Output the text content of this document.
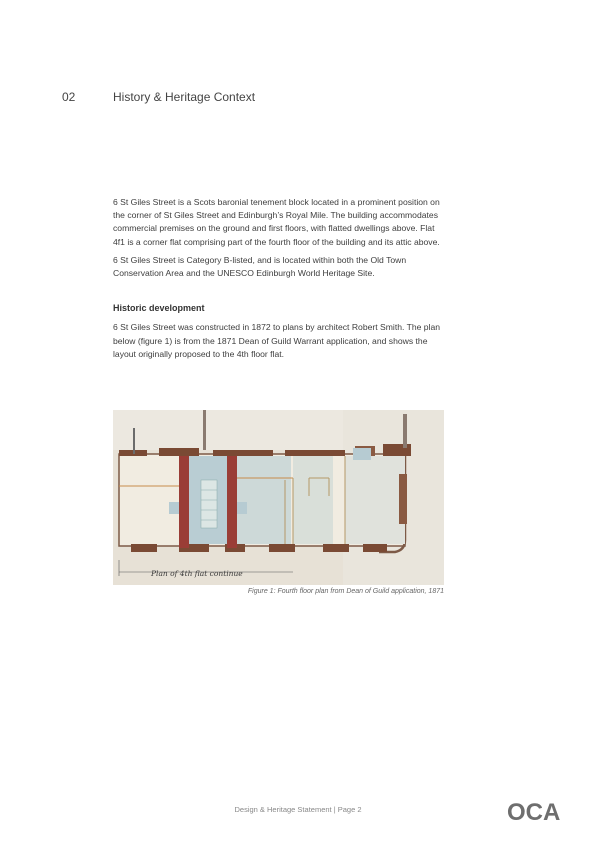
02	History & Heritage Context

6 St Giles Street is a Scots baronial tenement block located in a prominent position on the corner of St Giles Street and Edinburgh’s Royal Mile. The building accommodates commercial premises on the ground and first floors, with flatted dwellings above. Flat 4f1 is a corner flat comprising part of the fourth floor of the building and its attic above.

6 St Giles Street is Category B-listed, and is located within both the Old Town Conservation Area and the UNESCO Edinburgh World Heritage Site.

Historic development

6 St Giles Street was constructed in 1872 to plans by architect Robert Smith. The plan below (figure 1) is from the 1871 Dean of Guild Warrant application, and shows the layout originally proposed to the 4th floor flat.

Plan of 4th flat continue
Figure 1: Fourth floor plan from Dean of Guild application, 1871
Design & Heritage Statement | Page 2	OCA
